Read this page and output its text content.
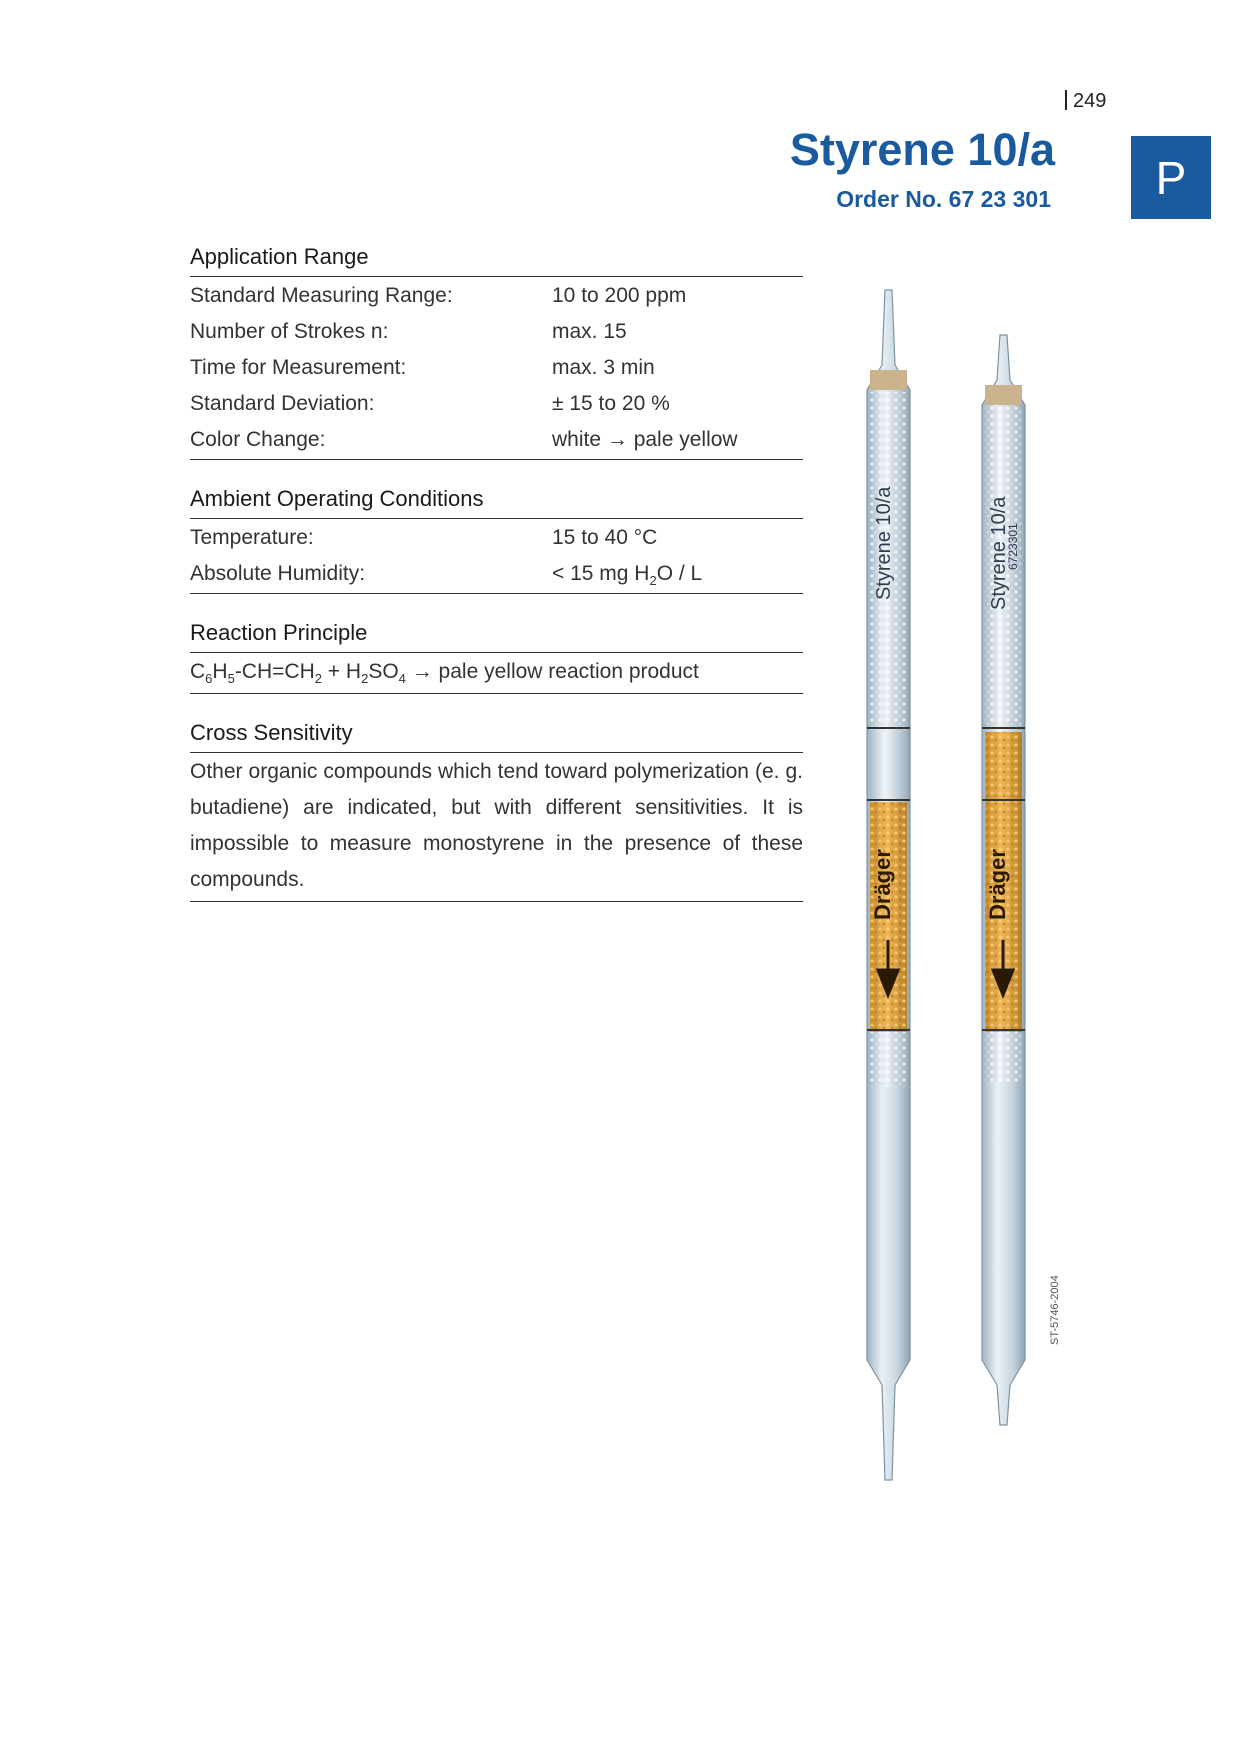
249
Styrene 10/a
Order No. 67 23 301	P
Application Range
Standard Measuring Range:	10 to 200 ppm
Number of Strokes n:	max. 15
Time for Measurement:	max. 3 min
Standard Deviation:	± 15 to 20 %
Color Change:	white → pale yellow
Ambient Operating Conditions
Temperature:	15 to 40 °C
Absolute Humidity:	< 15 mg $H_2O$ / L
Reaction Principle
$C_6H_5-CH=CH_2 + H_2SO_4$ → pale yellow reaction product
Cross Sensitivity
Other organic compounds which tend toward polymerization (e. g. butadiene) are indicated, but with different sensitivities. It is impossible to measure monostyrene in the presence of these compounds.
Styrene 10/a
Dräger
Styrene 10/a
6723301
Dräger
ST-5746-2004
